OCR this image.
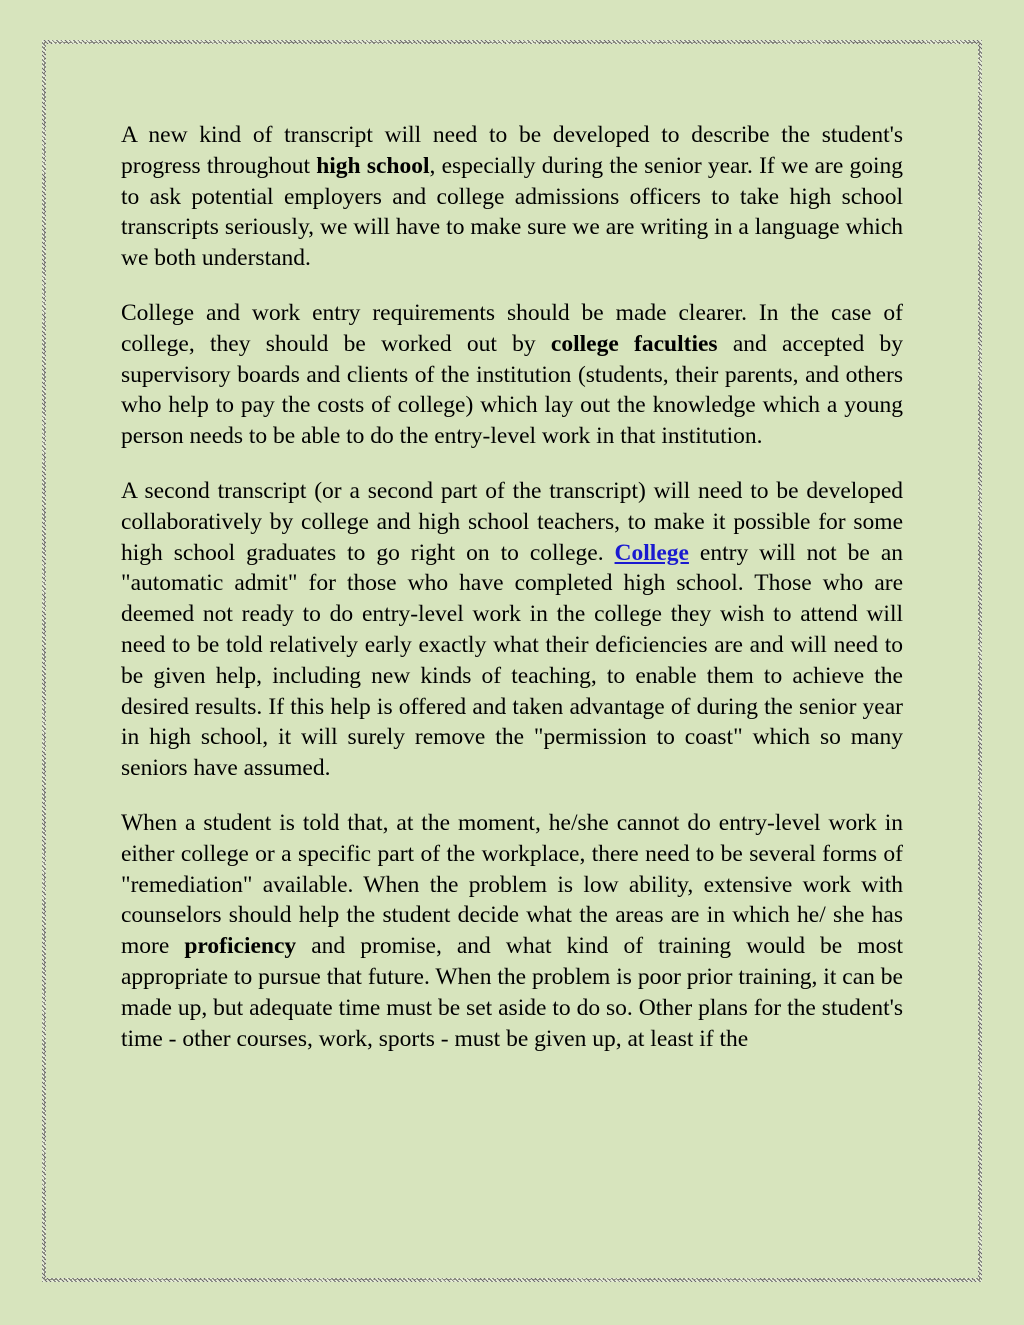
A new kind of transcript will need to be developed to describe the student's progress throughout high school, especially during the senior year. If we are going to ask potential employers and college admissions officers to take high school transcripts seriously, we will have to make sure we are writing in a language which we both understand.

College and work entry requirements should be made clearer. In the case of college, they should be worked out by college faculties and accepted by supervisory boards and clients of the institution (students, their parents, and others who help to pay the costs of college) which lay out the knowledge which a young person needs to be able to do the entry-level work in that institution.

A second transcript (or a second part of the transcript) will need to be developed collaboratively by college and high school teachers, to make it possible for some high school graduates to go right on to college. College entry will not be an "automatic admit" for those who have completed high school. Those who are deemed not ready to do entry-level work in the college they wish to attend will need to be told relatively early exactly what their deficiencies are and will need to be given help, including new kinds of teaching, to enable them to achieve the desired results. If this help is offered and taken advantage of during the senior year in high school, it will surely remove the "permission to coast" which so many seniors have assumed.

When a student is told that, at the moment, he/she cannot do entry-level work in either college or a specific part of the workplace, there need to be several forms of "remediation" available. When the problem is low ability, extensive work with counselors should help the student decide what the areas are in which he/ she has more proficiency and promise, and what kind of training would be most appropriate to pursue that future. When the problem is poor prior training, it can be made up, but adequate time must be set aside to do so. Other plans for the student's time - other courses, work, sports - must be given up, at least if the
